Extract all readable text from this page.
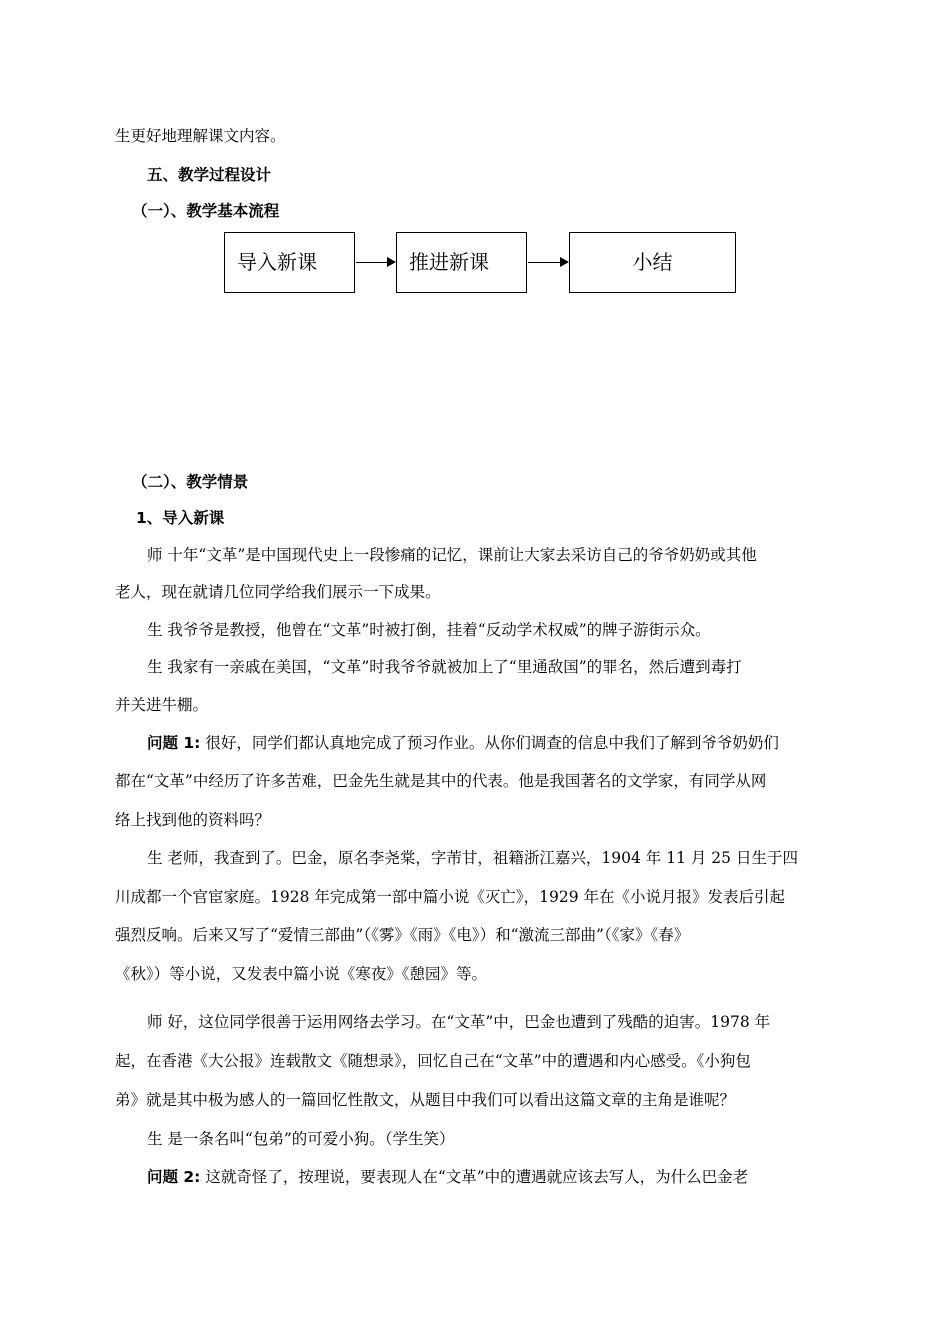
生更好地理解课文内容。
五、教学过程设计
（一）、教学基本流程
导入新课	推进新课	小结
（二）、教学情景
1、导入新课
师 十年“文革”是中国现代史上一段惨痛的记忆，课前让大家去采访自己的爷爷奶奶或其他
老人，现在就请几位同学给我们展示一下成果。
生 我爷爷是教授，他曾在“文革”时被打倒，挂着“反动学术权威”的牌子游街示众。
生 我家有一亲戚在美国，“文革”时我爷爷就被加上了“里通敌国”的罪名，然后遭到毒打
并关进牛棚。
问题 1: 很好，同学们都认真地完成了预习作业。从你们调查的信息中我们了解到爷爷奶奶们
都在“文革”中经历了许多苦难，巴金先生就是其中的代表。他是我国著名的文学家，有同学从网
络上找到他的资料吗？
生 老师，我查到了。巴金，原名李尧棠，字芾甘，祖籍浙江嘉兴，1904 年 11 月 25 日生于四
川成都一个官宦家庭。1928 年完成第一部中篇小说《灭亡》，1929 年在《小说月报》发表后引起
强烈反响。后来又写了“爱情三部曲”（《雾》《雨》《电》）和“激流三部曲”（《家》《春》
《秋》）等小说，又发表中篇小说《寒夜》《憩园》等。
师 好，这位同学很善于运用网络去学习。在“文革”中，巴金也遭到了残酷的迫害。1978 年
起，在香港《大公报》连载散文《随想录》，回忆自己在“文革”中的遭遇和内心感受。《小狗包
弟》就是其中极为感人的一篇回忆性散文，从题目中我们可以看出这篇文章的主角是谁呢？
生 是一条名叫“包弟”的可爱小狗。（学生笑）
问题 2: 这就奇怪了，按理说，要表现人在“文革”中的遭遇就应该去写人，为什么巴金老
